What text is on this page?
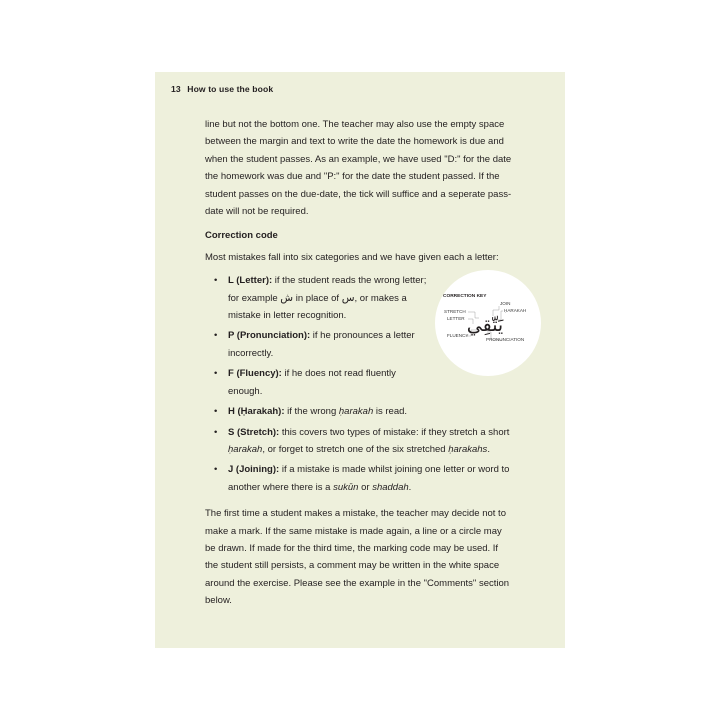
13 How to use the book

line but not the bottom one. The teacher may also use the empty space
between the margin and text to write the date the homework is due and
when the student passes. As an example, we have used "D:" for the date
the homework was due and "P:" for the date the student passed. If the
student passes on the due-date, the tick will suffice and a seperate pass-
date will not be required.

Correction code

Most mistakes fall into six categories and we have given each a letter:

• L (Letter): if the student reads the wrong letter;
for example ش in place of س, or makes a
mistake in letter recognition.
• P (Pronunciation): if he pronounces a letter
incorrectly.
• F (Fluency): if he does not read fluently
enough.
• H (Ḥarakah): if the wrong ḥarakah is read.
• S (Stretch): this covers two types of mistake: if they stretch a short
ḥarakah, or forget to stretch one of the six stretched ḥarakahs.
• J (Joining): if a mistake is made whilst joining one letter or word to
another where there is a sukūn or shaddah.

The first time a student makes a mistake, the teacher may decide not to
make a mark. If the same mistake is made again, a line or a circle may
be drawn. If made for the third time, the marking code may be used. If
the student still persists, a comment may be written in the white space
around the exercise. Please see the example in the "Comments" section
below.

CORRECTION KEY
JOIN
ḤARAKAH
STRETCH
LETTER
FLUENCY
PRONUNCIATION
يَتّقِي
